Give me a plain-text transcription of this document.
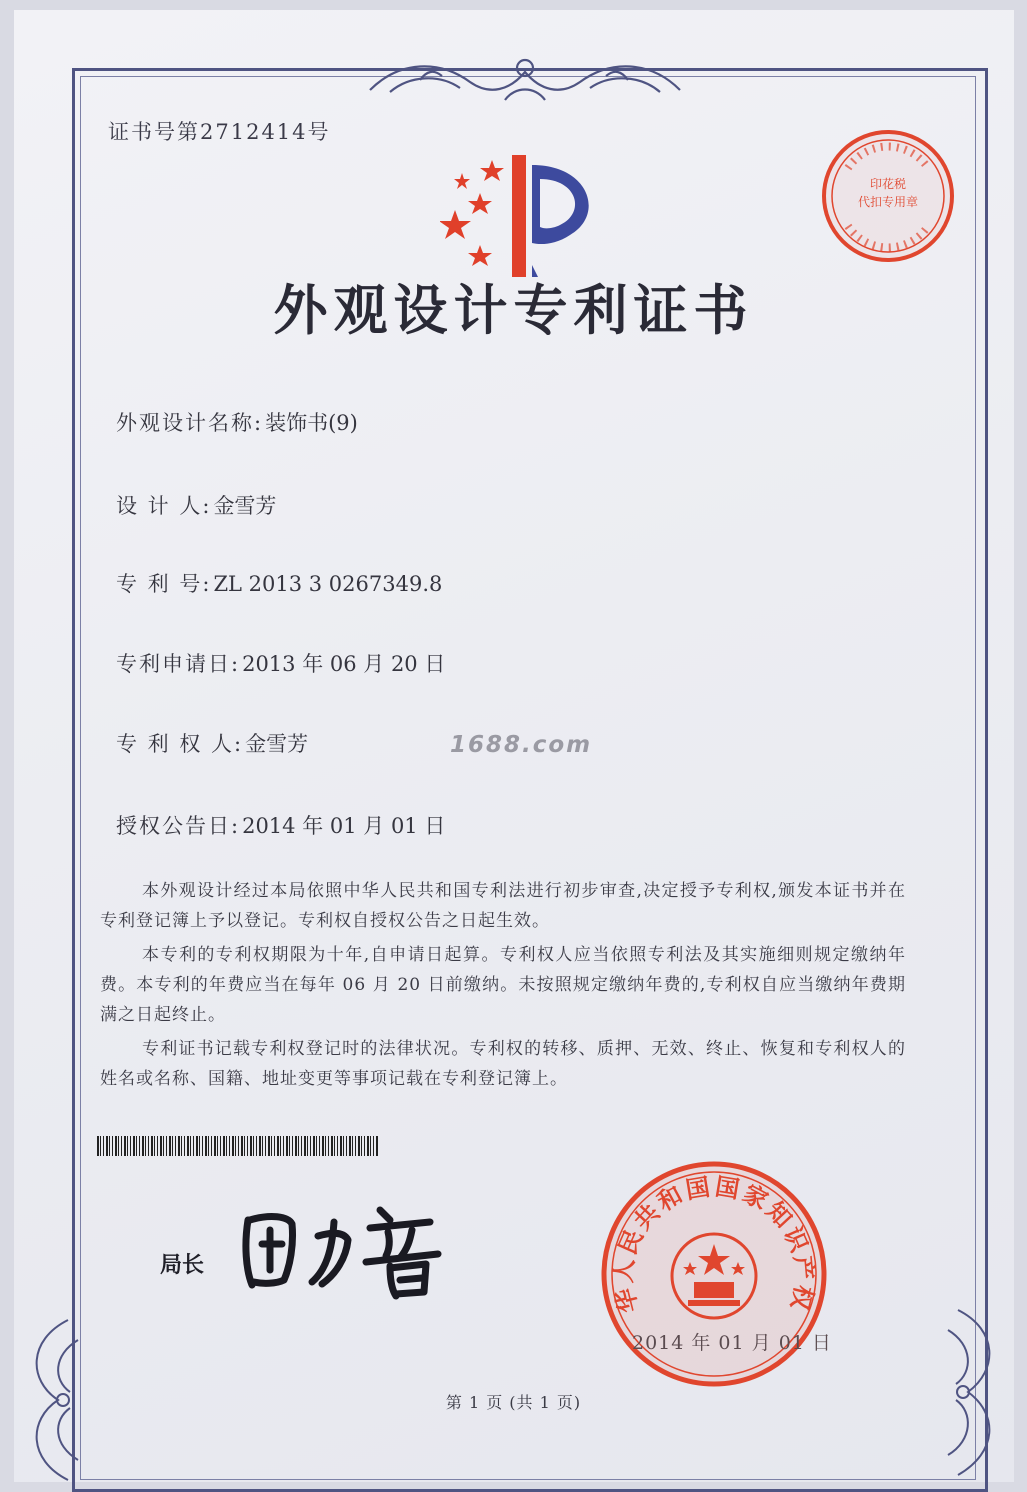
证书号第2712414号
印花税
代扣专用章
外观设计专利证书
外观设计名称:装饰书(9)
设 计 人:金雪芳
专 利 号:ZL 2013 3 0267349.8
专利申请日:2013 年 06 月 20 日
专 利 权 人:金雪芳
授权公告日:2014 年 01 月 01 日
1688.com

本外观设计经过本局依照中华人民共和国专利法进行初步审查,决定授予专利权,颁发本证书并在专利登记簿上予以登记。专利权自授权公告之日起生效。

本专利的专利权期限为十年,自申请日起算。专利权人应当依照专利法及其实施细则规定缴纳年费。本专利的年费应当在每年 06 月 20 日前缴纳。未按照规定缴纳年费的,专利权自应当缴纳年费期满之日起终止。

专利证书记载专利权登记时的法律状况。专利权的转移、质押、无效、终止、恢复和专利权人的姓名或名称、国籍、地址变更等事项记载在专利登记簿上。

局长
华人民共和国国家知识产权
2014 年 01 月 01 日
第 1 页 (共 1 页)
